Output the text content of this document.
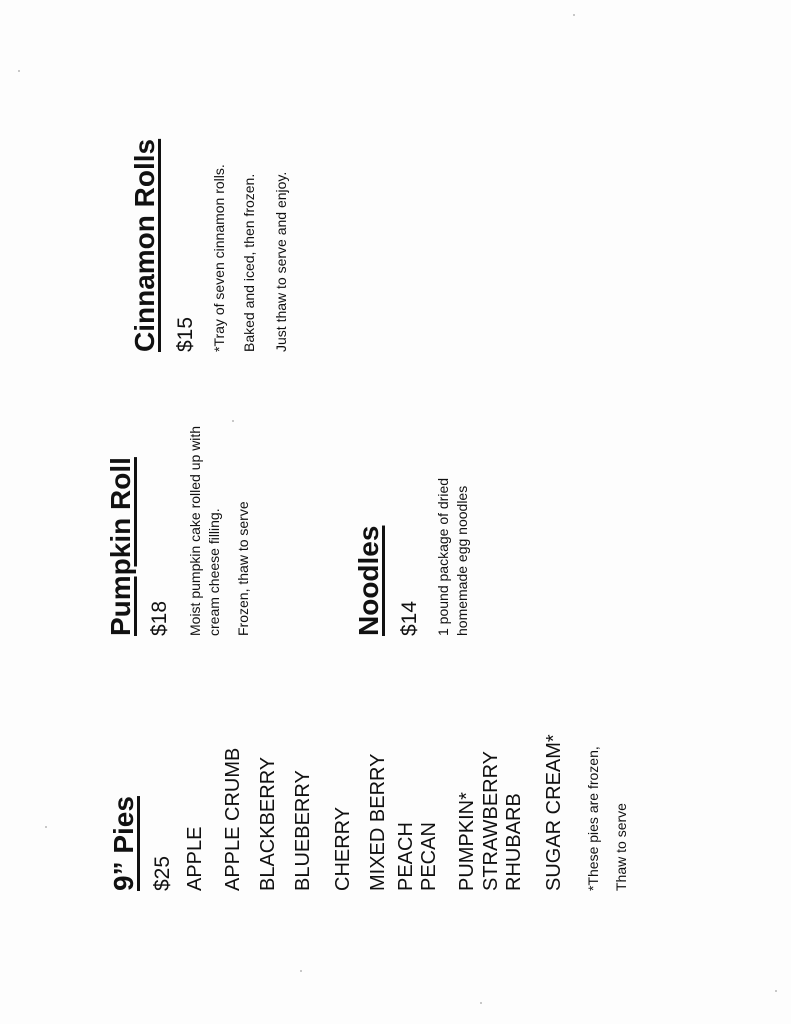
9” Pies $25 APPLE APPLE CRUMB BLACKBERRY BLUEBERRY CHERRY MIXED BERRY PEACH PECAN PUMPKIN* STRAWBERRY RHUBARB SUGAR CREAM* *These pies are frozen, Thaw to serve
Pumpkin Roll $18 Moist pumpkin cake rolled up with cream cheese filling. Frozen, thaw to serve	Noodles $14 1 pound package of dried homemade egg noodles
Cinnamon Rolls $15 *Tray of seven cinnamon rolls. Baked and iced, then frozen. Just thaw to serve and enjoy.
